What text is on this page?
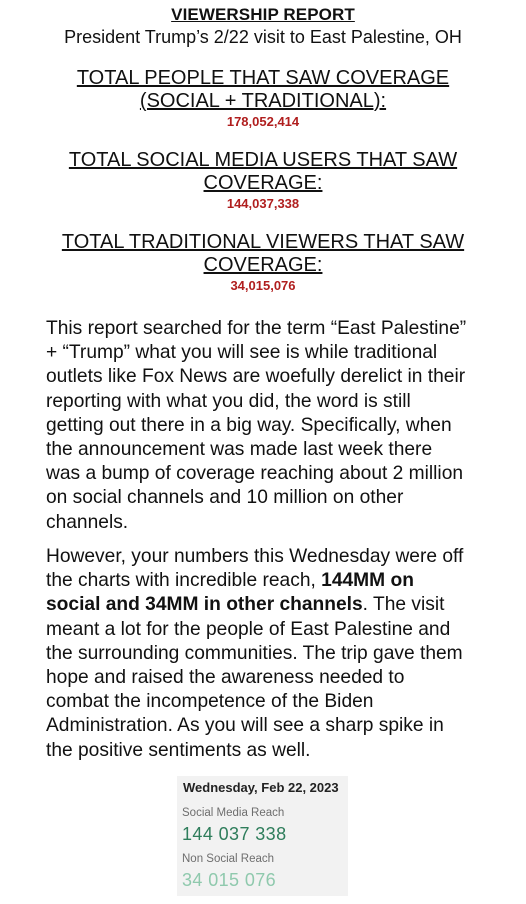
VIEWERSHIP REPORT
President Trump’s 2/22 visit to East Palestine, OH
TOTAL PEOPLE THAT SAW COVERAGE
(SOCIAL + TRADITIONAL):
178,052,414
TOTAL SOCIAL MEDIA USERS THAT SAW
COVERAGE:
144,037,338
TOTAL TRADITIONAL VIEWERS THAT SAW
COVERAGE:
34,015,076
This report searched for the term “East Palestine”
+ “Trump” what you will see is while traditional
outlets like Fox News are woefully derelict in their
reporting with what you did, the word is still
getting out there in a big way. Specifically, when
the announcement was made last week there
was a bump of coverage reaching about 2 million
on social channels and 10 million on other
channels.
However, your numbers this Wednesday were off
the charts with incredible reach, 144MM on
social and 34MM in other channels. The visit
meant a lot for the people of East Palestine and
the surrounding communities. The trip gave them
hope and raised the awareness needed to
combat the incompetence of the Biden
Administration. As you will see a sharp spike in
the positive sentiments as well.
Wednesday, Feb 22, 2023
Social Media Reach
144 037 338
Non Social Reach
34 015 076
